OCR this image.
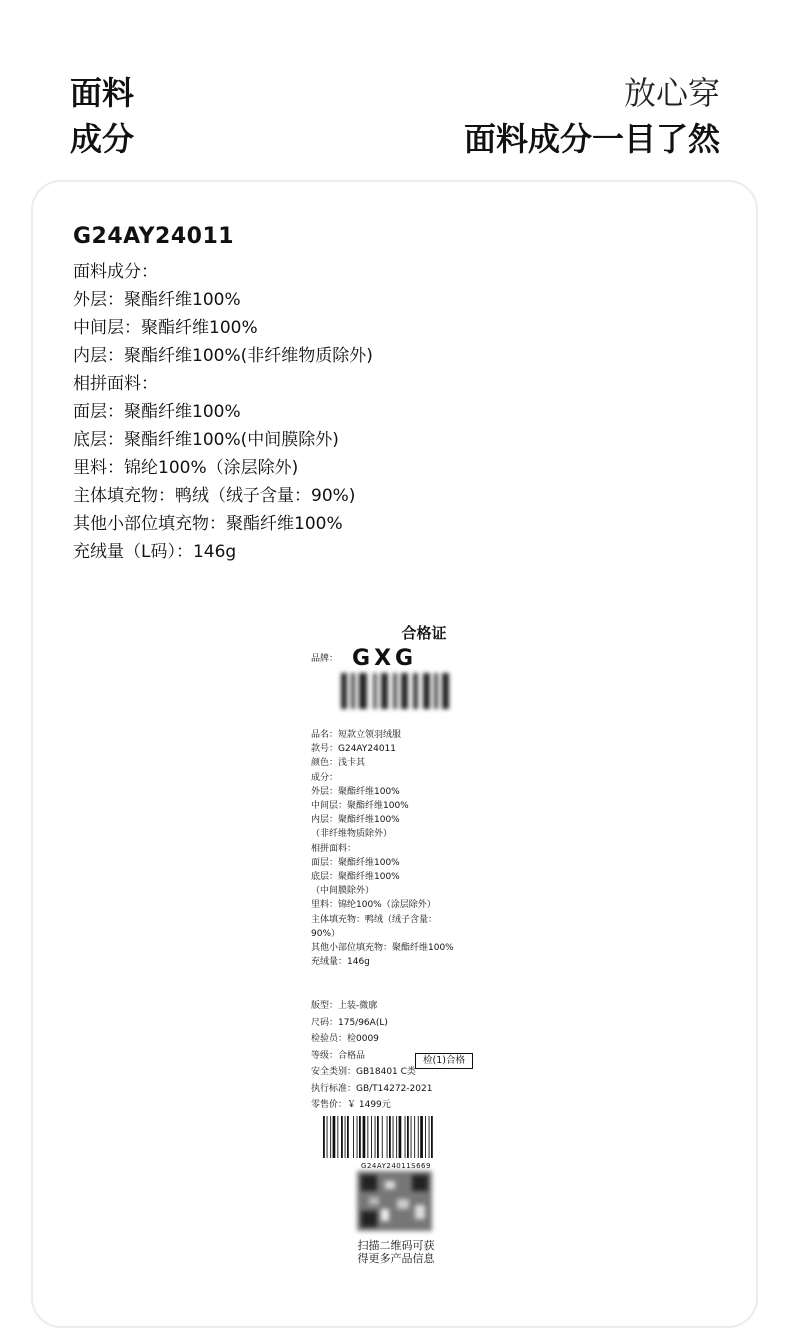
面料
成分
放心穿
面料成分一目了然
G24AY24011
面料成分：
外层：聚酯纤维100%
中间层：聚酯纤维100%
内层：聚酯纤维100%(非纤维物质除外)
相拼面料：
面层：聚酯纤维100%
底层：聚酯纤维100%(中间膜除外)
里料：锦纶100%（涂层除外)
主体填充物：鸭绒（绒子含量：90%)
其他小部位填充物：聚酯纤维100%
充绒量（L码）：146g
合格证
品牌： GXG
品名：短款立领羽绒服
款号：G24AY24011
颜色：浅卡其
成分：
外层：聚酯纤维100%
中间层：聚酯纤维100%
内层：聚酯纤维100%
（非纤维物质除外）
相拼面料：
面层：聚酯纤维100%
底层：聚酯纤维100%
（中间膜除外）
里料：锦纶100%（涂层除外）
主体填充物：鸭绒（绒子含量：
90%）
其他小部位填充物：聚酯纤维100%
充绒量：146g
版型：上装-微廓
尺码：175/96A(L)
检验员：检0009
等级：合格品
安全类别：GB18401 C类
执行标准：GB/T14272-2021
零售价：￥ 1499元
检(1)合格
G24AY24011S669
扫描二维码可获
得更多产品信息
